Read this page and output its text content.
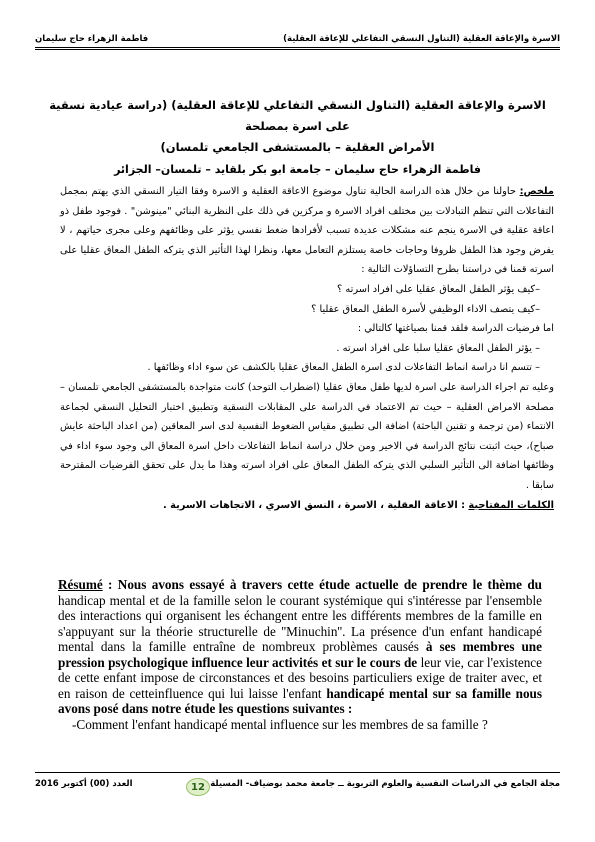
الاسرة والإعاقة العقلية (التناول النسقي التفاعلي للإعاقة العقلية)
فاطمة الزهراء حاج سليمان
الاسرة والإعاقة العقلية (التناول النسقي التفاعلي للإعاقة العقلية) (دراسة عيادية نسقية على اسرة بمصلحة
الأمراض العقلية – بالمستشفى الجامعي تلمسان)
فاطمة الزهراء حاج سليمان – جامعة ابو بكر بلقايد – تلمسان– الجزائر

ملخص: حاولنا من خلال هذه الدراسة الحالية تناول موضوع الاعاقة العقلية و الاسرة وفقا التيار النسقي الذي يهتم بمجمل التفاعلات التي تنظم التبادلات بين مختلف افراد الاسرة و مركزين في ذلك على النظرية البنائي "مينوشن" . فوجود طفل ذو اعاقة عقلية في الاسرة ينجم عنه مشكلات عديدة تسبب لأفرادها ضغط نفسي يؤثر على وظائفهم وعلى مجرى حياتهم ، لا يفرض وجود هذا الطفل ظروفا وحاجات خاصة يستلزم التعامل معها، ونظرا لهذا التأثير الذي يتركه الطفل المعاق عقليا على اسرته قمنا في دراستنا بطرح التساؤلات التالية :

–كيف يؤثر الطفل المعاق عقليا على افراد اسرته ؟

–كيف يتصف الاداء الوظيفي لأسرة الطفل المعاق عقليا ؟

اما فرضيات الدراسة فلقد قمنا بصياغتها كالتالي :

– يؤثر الطفل المعاق عقليا سلبا على افراد اسرته .

– تتسم انا دراسة انماط التفاعلات لدى اسرة الطفل المعاق عقليا بالكشف عن سوء اداء وظائفها .

وعليه تم اجراء الدراسة على اسرة لديها طفل معاق عقليا (اضطراب التوحد) كانت متواجدة بالمستشفى الجامعي تلمسان – مصلحة الامراض العقلية – حيث تم الاعتماد في الدراسة على المقابلات النسقية وتطبيق اختبار التحليل النسقي لجماعة الانتماء (من ترجمة و تقنين الباحثة) اضافة الى تطبيق مقياس الضغوط النفسية لدى اسر المعاقين (من اعداد الباحثة عايش صباح)، حيث اثبتت نتائج الدراسة في الاخير ومن خلال دراسة انماط التفاعلات داخل اسرة المعاق الى وجود سوء اداء في وظائفها اضافة الى التأثير السلبي الذي يتركه الطفل المعاق على افراد اسرته وهذا ما يدل على تحقق الفرضيات المقترحة سابقا .

الكلمات المفتاحية : الاعاقة العقلية ، الاسرة ، النسق الاسري ، الاتجاهات الاسرية .

Résumé : Nous avons essayé à travers cette étude actuelle de prendre le thème du handicap mental et de la famille selon le courant systémique qui s'intéresse par l'ensemble des interactions qui organisent les échangent entre les différents membres de la famille en s'appuyant sur la théorie structurelle de ''Minuchin''. La présence d'un enfant handicapé mental dans la famille entraîne de nombreux problèmes causés à ses membres une pression psychologique influence leur activités et sur le cours de leur vie, car l'existence de cette enfant impose de circonstances et des besoins particuliers exige de traiter avec, et en raison de cetteinfluence qui lui laisse l'enfant handicapé mental sur sa famille nous avons posé dans notre étude les questions suivantes :

-Comment l'enfant handicapé mental influence sur les membres de sa famille ?

مجلة الجامع في الدراسات النفسية والعلوم التربوية ــ جامعة محمد بوضياف- المسيلة
العدد (00) أكتوبر 2016	12
